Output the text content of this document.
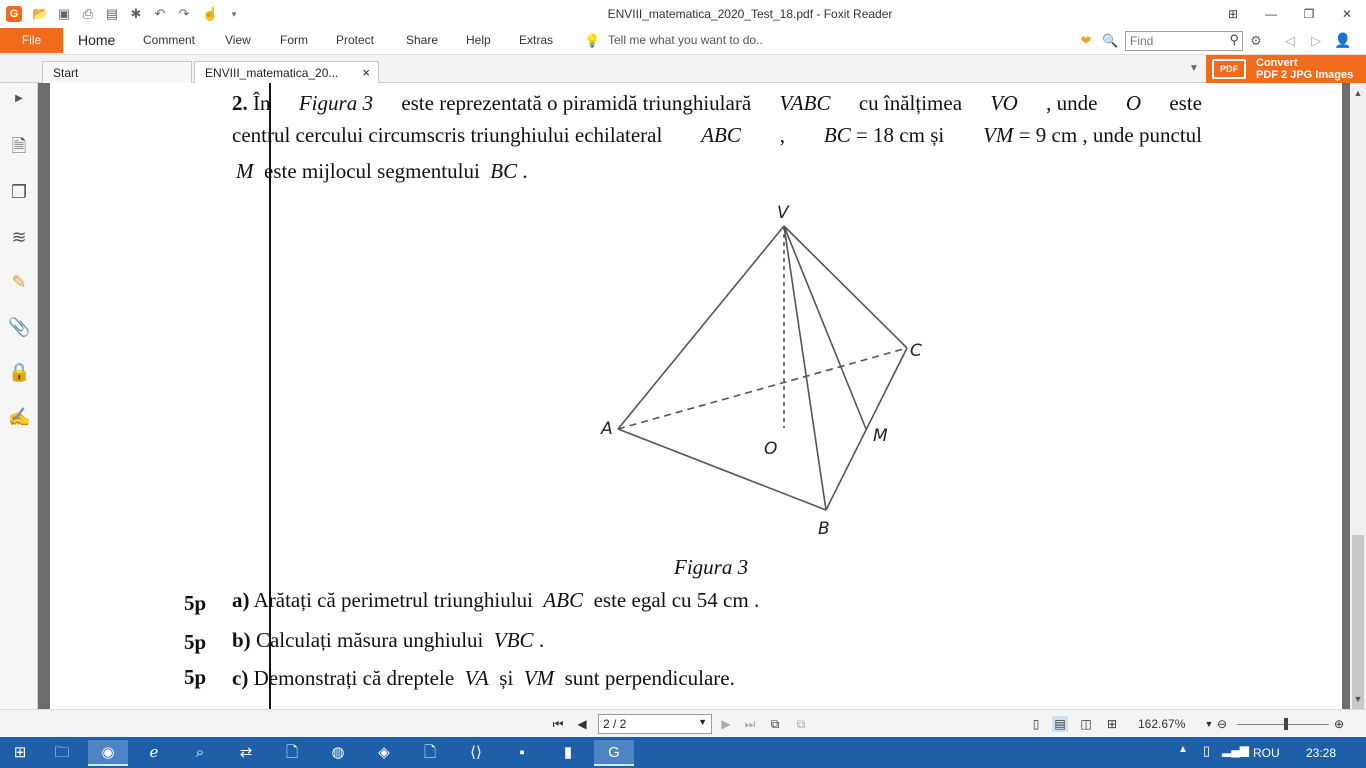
G 📂 ▣ ⎙ ▤ ✱ ↶ ↷ ☝	▾	ENVIII_matematica_2020_Test_18.pdf - Foxit Reader	⊞	—	❐	✕
File	Home Comment View Form Protect	Share Help Extras 💡 Tell me what you want to do..	❤ 🔍 Find	⚲ ⚙ ◁ ▷ 👤
Start	ENVIII_matematica_20... ×	▼	PDF	Convert
PDF 2 JPG Images
▶
🗎
❐
≋
✎
📎
🔒
✍
2. În Figura 3 este reprezentată o piramidă triunghiulară VABC cu înălțimea VO , unde O este
centrul cercului circumscris triunghiului echilateral ABC , BC = 18 cm și VM = 9 cm , unde punctul
M este mijlocul segmentului BC .
V
A
B
C
O
M
Figura 3
5p a) Arătați că perimetrul triunghiului ABC este egal cu 54 cm .
5p b) Calculați măsura unghiului VBC .
5p c) Demonstrați că dreptele VA și VM sunt perpendiculare.
▲
▼
⏮ ◀	2 / 2	▼ ▶ ⏭	⧉	⧉	▯	▤ ◫ ⊞ 162.67%	▼ ⊖	⊕
⊞	🗀	◉	ℯ	⌕	⇄	🗋	◍	◈	🗋	⟨⟩	▪	▮	G	▲ ▯ ▂▄▆ ROU 23:28
